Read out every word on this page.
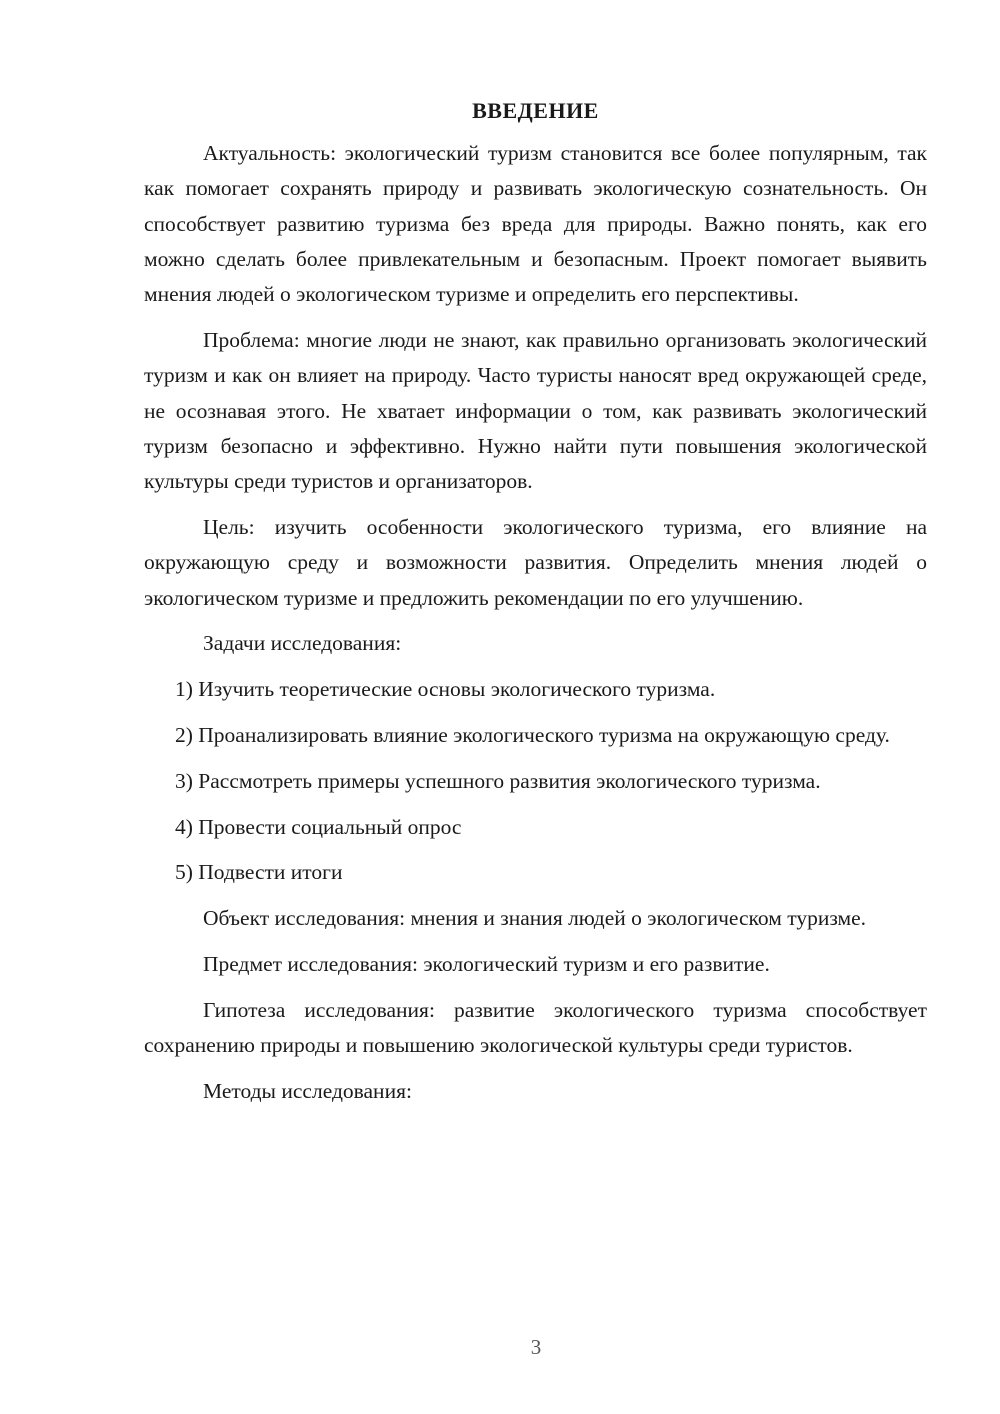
ВВЕДЕНИЕ

Актуальность: экологический туризм становится все более популярным, так как помогает сохранять природу и развивать экологическую сознательность. Он способствует развитию туризма без вреда для природы. Важно понять, как его можно сделать более привлекательным и безопасным. Проект помогает выявить мнения людей о экологическом туризме и определить его перспективы.

Проблема: многие люди не знают, как правильно организовать экологический туризм и как он влияет на природу. Часто туристы наносят вред окружающей среде, не осознавая этого. Не хватает информации о том, как развивать экологический туризм безопасно и эффективно. Нужно найти пути повышения экологической культуры среди туристов и организаторов.

Цель: изучить особенности экологического туризма, его влияние на окружающую среду и возможности развития. Определить мнения людей о экологическом туризме и предложить рекомендации по его улучшению.

Задачи исследования:

1) Изучить теоретические основы экологического туризма.

2) Проанализировать влияние экологического туризма на окружающую среду.

3) Рассмотреть примеры успешного развития экологического туризма.

4) Провести социальный опрос

5) Подвести итоги

Объект исследования: мнения и знания людей о экологическом туризме.

Предмет исследования: экологический туризм и его развитие.

Гипотеза исследования: развитие экологического туризма способствует сохранению природы и повышению экологической культуры среди туристов.

Методы исследования:

3
